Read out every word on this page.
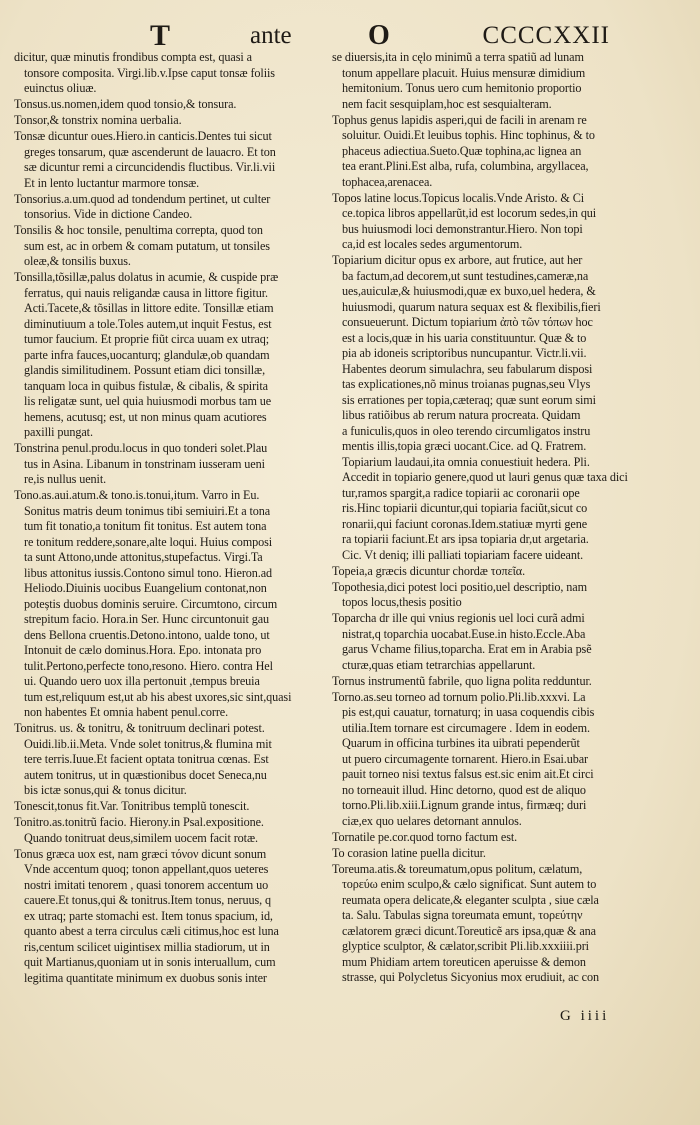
T	ante	O	CCCCXXII

dicitur, quæ minutis frondibus compta est, quasi a

tonsore composita. Virgi.lib.v.Ipse caput tonsæ foliis

euinctus oliuæ.

Tonsus.us.nomen,idem quod tonsio,& tonsura.

Tonsor,& tonstrix nomina uerbalia.

Tonsæ dicuntur oues.Hiero.in canticis.Dentes tui sicut

greges tonsarum, quæ ascenderunt de lauacro. Et ton

sæ dicuntur remi a circuncidendis fluctibus. Vir.li.vii

Et in lento luctantur marmore tonsæ.

Tonsorius.a.um.quod ad tondendum pertinet, ut culter

tonsorius. Vide in dictione Candeo.

Tonsilis & hoc tonsile, penultima correpta, quod ton

sum est, ac in orbem & comam putatum, ut tonsiles

oleæ,& tonsilis buxus.

Tonsilla,tõsillæ,palus dolatus in acumie, & cuspide præ

ferratus, qui nauis religandæ causa in littore figitur.

Acti.Tacete,& tõsillas in littore edite. Tonsillæ etiam

diminutiuum a tole.Toles autem,ut inquit Festus, est

tumor faucium. Et proprie fiũt circa uuam ex utraq;

parte infra fauces,uocanturq; glandulæ,ob quandam

glandis similitudinem. Possunt etiam dici tonsillæ,

tanquam loca in quibus fistulæ, & cibalis, & spirita

lis religatæ sunt, uel quia huiusmodi morbus tam ue

hemens, acutusq; est, ut non minus quam acutiores

paxilli pungat.

Tonstrina penul.produ.locus in quo tonderi solet.Plau

tus in Asina. Libanum in tonstrinam iusseram ueni

re,is nullus uenit.

Tono.as.aui.atum.& tono.is.tonui,itum. Varro in Eu.

Sonitus matris deum tonimus tibi semiuiri.Et a tona

tum fit tonatio,a tonitum fit tonitus. Est autem tona

re tonitum reddere,sonare,alte loqui. Huius composi

ta sunt Attono,unde attonitus,stupefactus. Virgi.Ta

libus attonitus iussis.Contono simul tono. Hieron.ad

Heliodo.Diuinis uocibus Euangelium contonat,non

poteștis duobus dominis seruire. Circumtono, circum

strepitum facio. Hora.in Ser. Hunc circuntonuit gau

dens Bellona cruentis.Detono.intono, ualde tono, ut

Intonuit de cælo dominus.Hora. Epo. intonata pro

tulit.Pertono,perfecte tono,resono. Hiero. contra Hel

ui. Quando uero uox illa pertonuit ,tempus breuia

tum est,reliquum est,ut ab his abest uxores,sic sint,quasi

non habentes Et omnia habent penul.corre.

Tonitrus. us. & tonitru, & tonitruum declinari potest.

Ouidi.lib.ii.Meta. Vnde solet tonitrus,& flumina mit

tere terris.Iuue.Et facient optata tonitrua cœnas. Est

autem tonitrus, ut in quæstionibus docet Seneca,nu

bis ictæ sonus,qui & tonus dicitur.

Tonescit,tonus fit.Var. Tonitribus templũ tonescit.

Tonitro.as.tonitrũ facio. Hierony.in Psal.expositione.

Quando tonitruat deus,similem uocem facit rotæ.

Tonus græca uox est, nam græci τόνον dicunt sonum

Vnde accentum quoq; tonon appellant,quos ueteres

nostri imitati tenorem , quasi tonorem accentum uo

cauere.Et tonus,qui & tonitrus.Item tonus, neruus, q

ex utraq; parte stomachi est. Item tonus spacium, id,

quanto abest a terra circulus cæli citimus,hoc est luna

ris,centum scilicet uigintisex millia stadiorum, ut in

quit Martianus,quoniam ut in sonis interuallum, cum

legitima quantitate minimum ex duobus sonis inter

se diuersis,ita in cęlo minimũ a terra spatiũ ad lunam

tonum appellare placuit. Huius mensuræ dimidium

hemitonium. Tonus uero cum hemitonio proportio

nem facit sesquiplam,hoc est sesquialteram.

Tophus genus lapidis asperi,qui de facili in arenam re

soluitur. Ouidi.Et leuibus tophis. Hinc tophinus, & to

phaceus adiectiua.Sueto.Quæ tophina,ac lignea an

tea erant.Plini.Est alba, rufa, columbina, argyllacea,

tophacea,arenacea.

Topos latine locus.Topicus localis.Vnde Aristo. & Ci

ce.topica libros appellarũt,id est locorum sedes,in qui

bus huiusmodi loci demonstrantur.Hiero. Non topi

ca,id est locales sedes argumentorum.

Topiarium dicitur opus ex arbore, aut frutice, aut her

ba factum,ad decorem,ut sunt testudines,cameræ,na

ues,auiculæ,& huiusmodi,quæ ex buxo,uel hedera, &

huiusmodi, quarum natura sequax est & flexibilis,fieri

consueuerunt. Dictum topiarium ἀπὸ τῶν τόπων hoc

est a locis,quæ in his uaria constituuntur. Quæ & to

pia ab idoneis scriptoribus nuncupantur. Victr.li.vii.

Habentes deorum simulachra, seu fabularum disposi

tas explicationes,nõ minus troianas pugnas,seu Vlys

sis errationes per topia,cæteraq; quæ sunt eorum simi

libus ratiõibus ab rerum natura procreata. Quidam

a funiculis,quos in oleo terendo circumligatos instru

mentis illis,topia græci uocant.Cice. ad Q. Fratrem.

Topiarium laudaui,ita omnia conuestiuit hedera. Pli.

Accedit in topiario genere,quod ut lauri genus quæ taxa dici

tur,ramos spargit,a radice topiarii ac coronarii ope

ris.Hinc topiarii dicuntur,qui topiaria faciũt,sicut co

ronarii,qui faciunt coronas.Idem.statiuæ myrti gene

ra topiarii faciunt.Et ars ipsa topiaria dr,ut argetaria.

Cic. Vt deniq; illi palliati topiariam facere uideant.

Topeia,a græcis dicuntur chordæ τοπεῖα.

Topothesia,dici potest loci positio,uel descriptio, nam

topos locus,thesis positio

Toparcha dr ille qui vnius regionis uel loci curã admi

nistrat,q toparchia uocabat.Euse.in histo.Eccle.Aba

garus Vchame filius,toparcha. Erat em in Arabia psẽ

cturæ,quas etiam tetrarchias appellarunt.

Tornus instrumentũ fabrile, quo ligna polita redduntur.

Torno.as.seu torneo ad tornum polio.Pli.lib.xxxvi. La

pis est,qui cauatur, tornaturq; in uasa coquendis cibis

utilia.Item tornare est circumagere . Idem in eodem.

Quarum in officina turbines ita uibrati pependerũt

ut puero circumagente tornarent. Hiero.in Esai.ubar

pauit torneo nisi textus falsus est.sic enim ait.Et circi

no torneauit illud. Hinc detorno, quod est de aliquo

torno.Pli.lib.xiii.Lignum grande intus, firmæq; duri

ciæ,ex quo uelares detornant annulos.

Tornatile pe.cor.quod torno factum est.

To corasion latine puella dicitur.

Toreuma.atis.& toreumatum,opus politum, cælatum,

τορεύω enim sculpo,& cælo significat. Sunt autem to

reumata opera delicate,& eleganter sculpta , siue cæla

ta. Salu. Tabulas signa toreumata emunt, τορεύτην

cælatorem græci dicunt.Toreuticẽ ars ipsa,quæ & ana

glyptice sculptor, & cælator,scribit Pli.lib.xxxiiii.pri

mum Phidiam artem toreuticen aperuisse & demon

strasse, qui Polycletus Sicyonius mox erudiuit, ac con

G iiii
